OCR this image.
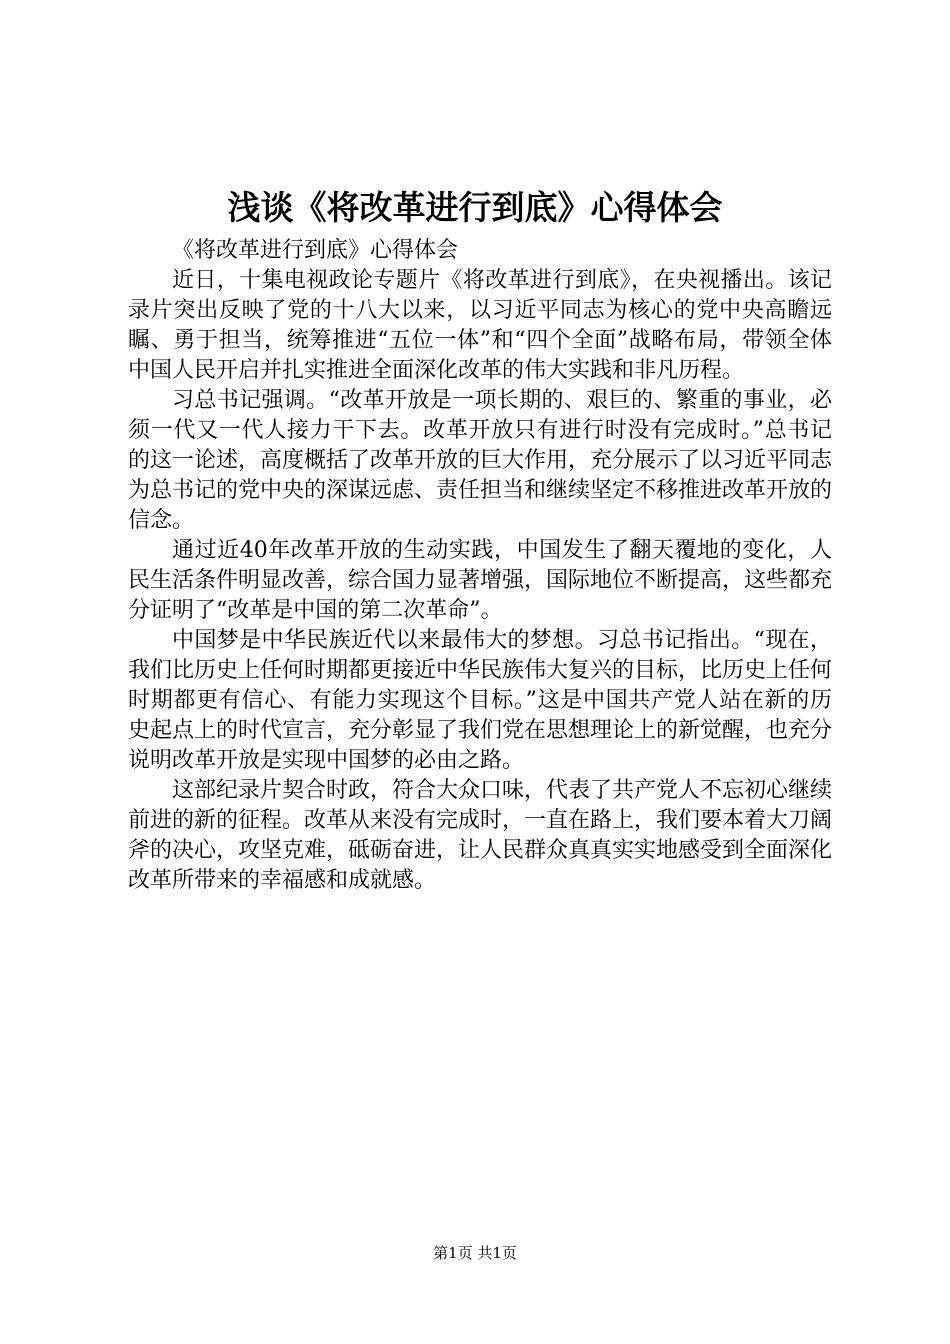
浅谈《将改革进行到底》心得体会

《将改革进行到底》心得体会

近日，十集电视政论专题片《将改革进行到底》，在央视播出。该记录片突出反映了党的十八大以来，以习近平同志为核心的党中央高瞻远瞩、勇于担当，统筹推进“五位一体”和“四个全面”战略布局，带领全体中国人民开启并扎实推进全面深化改革的伟大实践和非凡历程。

习总书记强调。“改革开放是一项长期的、艰巨的、繁重的事业，必须一代又一代人接力干下去。改革开放只有进行时没有完成时。”总书记的这一论述，高度概括了改革开放的巨大作用，充分展示了以习近平同志为总书记的党中央的深谋远虑、责任担当和继续坚定不移推进改革开放的信念。

通过近40年改革开放的生动实践，中国发生了翻天覆地的变化，人民生活条件明显改善，综合国力显著增强，国际地位不断提高，这些都充分证明了“改革是中国的第二次革命”。

中国梦是中华民族近代以来最伟大的梦想。习总书记指出。“现在，我们比历史上任何时期都更接近中华民族伟大复兴的目标，比历史上任何时期都更有信心、有能力实现这个目标。”这是中国共产党人站在新的历史起点上的时代宣言，充分彰显了我们党在思想理论上的新觉醒，也充分说明改革开放是实现中国梦的必由之路。

这部纪录片契合时政，符合大众口味，代表了共产党人不忘初心继续前进的新的征程。改革从来没有完成时，一直在路上，我们要本着大刀阔斧的决心，攻坚克难，砥砺奋进，让人民群众真真实实地感受到全面深化改革所带来的幸福感和成就感。

第1页 共1页
